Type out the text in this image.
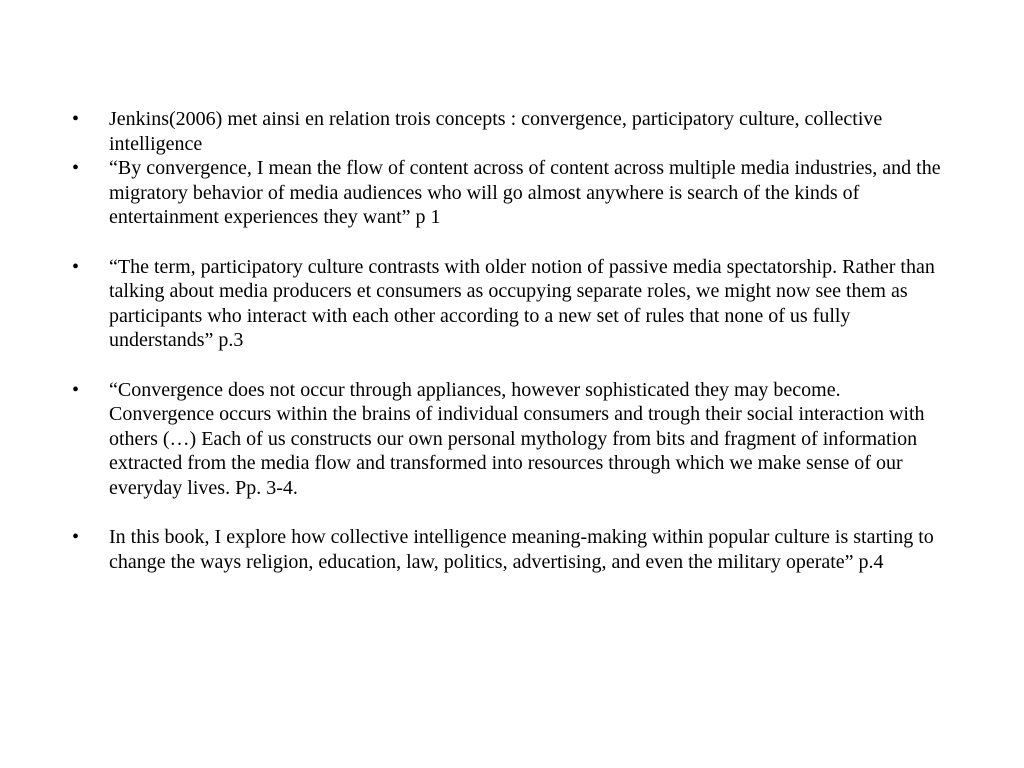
•	Jenkins(2006) met ainsi en relation trois concepts : convergence, participatory culture, collective intelligence
•	“By convergence, I mean the flow of content across of content across multiple media industries, and the migratory behavior of media audiences who will go almost anywhere is search of the kinds of entertainment experiences they want” p 1
•	“The term, participatory culture contrasts with older notion of passive media spectatorship. Rather than talking about media producers et consumers as occupying separate roles, we might now see them as participants who interact with each other according to a new set of rules that none of us fully understands” p.3
•	“Convergence does not occur through appliances, however sophisticated they may become. Convergence occurs within the brains of individual consumers and trough their social interaction with others (…) Each of us constructs our own personal mythology from bits and fragment of information extracted from the media flow and transformed into resources through which we make sense of our everyday lives. Pp. 3-4.
•	In this book, I explore how collective intelligence meaning-making within popular culture is starting to change the ways religion, education, law, politics, advertising, and even the military operate” p.4
